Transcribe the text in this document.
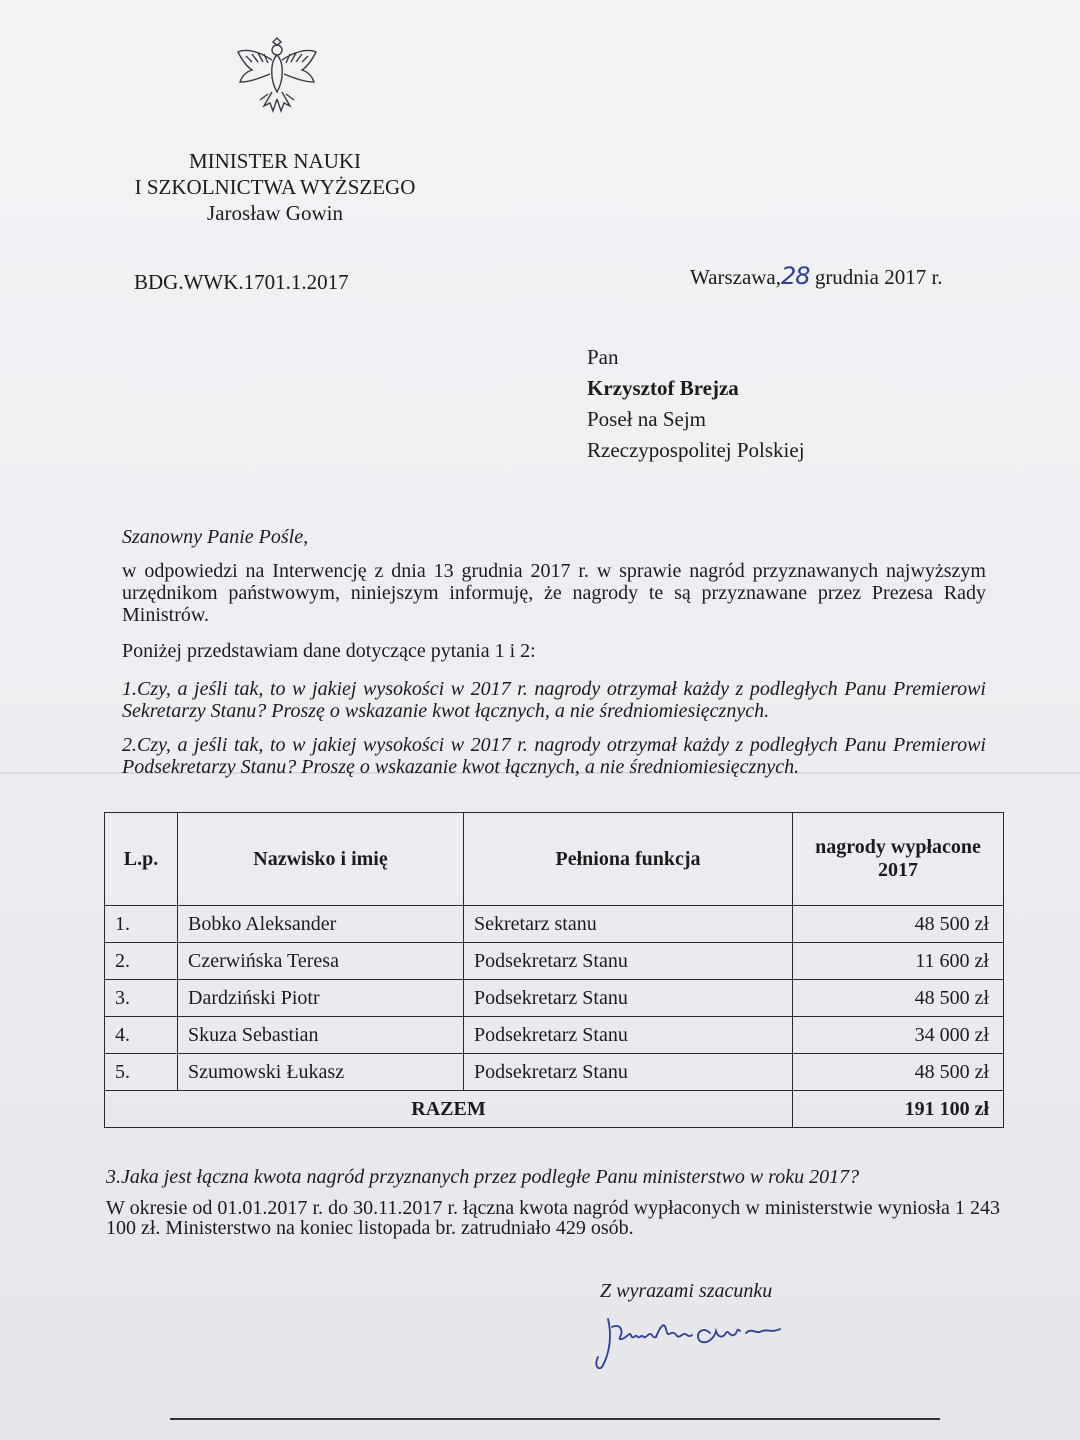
MINISTER NAUKI
I SZKOLNICTWA WYŻSZEGO
Jarosław Gowin
BDG.WWK.1701.1.2017	Warszawa,28 grudnia 2017 r.
Pan
Krzysztof Brejza
Poseł na Sejm
Rzeczypospolitej Polskiej
Szanowny Panie Pośle,
w odpowiedzi na Interwencję z dnia 13 grudnia 2017 r. w sprawie nagród przyznawanych najwyższym urzędnikom państwowym, niniejszym informuję, że nagrody te są przyznawane przez Prezesa Rady Ministrów.
Poniżej przedstawiam dane dotyczące pytania 1 i 2:
1.Czy, a jeśli tak, to w jakiej wysokości w 2017 r. nagrody otrzymał każdy z podległych Panu Premierowi Sekretarzy Stanu? Proszę o wskazanie kwot łącznych, a nie średniomiesięcznych.
2.Czy, a jeśli tak, to w jakiej wysokości w 2017 r. nagrody otrzymał każdy z podległych Panu Premierowi Podsekretarzy Stanu? Proszę o wskazanie kwot łącznych, a nie średniomiesięcznych.
L.p.	Nazwisko i imię	Pełniona funkcja	nagrody wypłacone 2017
1.	Bobko Aleksander	Sekretarz stanu	48 500 zł
2.	Czerwińska Teresa	Podsekretarz Stanu	11 600 zł
3.	Dardziński Piotr	Podsekretarz Stanu	48 500 zł
4.	Skuza Sebastian	Podsekretarz Stanu	34 000 zł
5.	Szumowski Łukasz	Podsekretarz Stanu	48 500 zł
RAZEM			191 100 zł
3.Jaka jest łączna kwota nagród przyznanych przez podległe Panu ministerstwo w roku 2017?
W okresie od 01.01.2017 r. do 30.11.2017 r. łączna kwota nagród wypłaconych w ministerstwie wyniosła 1 243 100 zł. Ministerstwo na koniec listopada br. zatrudniało 429 osób.
Z wyrazami szacunku
